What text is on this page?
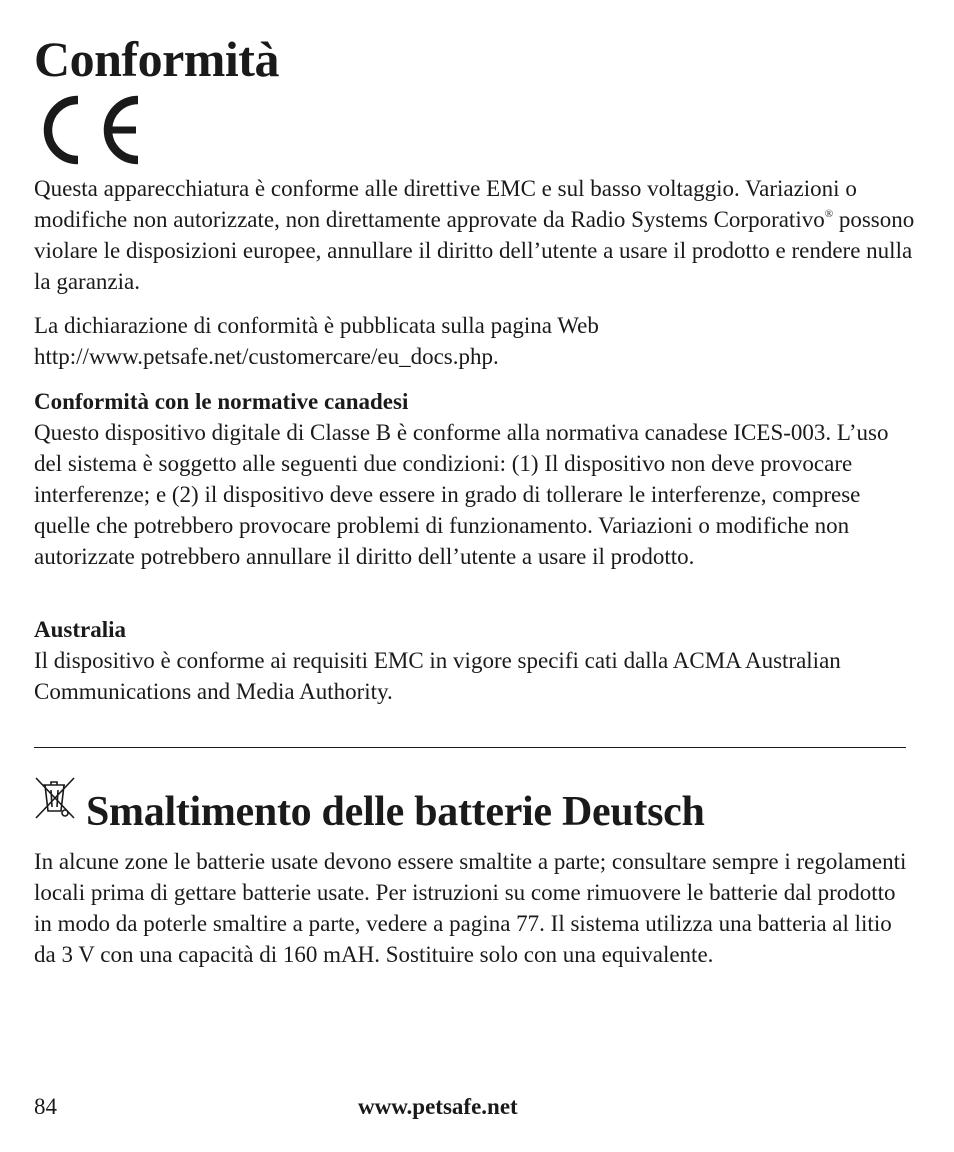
Conformità

Questa apparecchiatura è conforme alle direttive EMC e sul basso voltaggio. Variazioni o modifiche non autorizzate, non direttamente approvate da Radio Systems Corporativo® possono violare le disposizioni europee, annullare il diritto dell’utente a usare il prodotto e rendere nulla la garanzia.

La dichiarazione di conformità è pubblicata sulla pagina Web http://www.petsafe.net/customercare/eu_docs.php.

Conformità con le normative canadesi

Questo dispositivo digitale di Classe B è conforme alla normativa canadese ICES-003. L’uso del sistema è soggetto alle seguenti due condizioni: (1) Il dispositivo non deve provocare interferenze; e (2) il dispositivo deve essere in grado di tollerare le interferenze, comprese quelle che potrebbero provocare problemi di funzionamento. Variazioni o modifiche non autorizzate potrebbero annullare il diritto dell’utente a usare il prodotto.

Australia

Il dispositivo è conforme ai requisiti EMC in vigore specifi cati dalla ACMA Australian Communications and Media Authority.

Smaltimento delle batterie Deutsch

In alcune zone le batterie usate devono essere smaltite a parte; consultare sempre i regolamenti locali prima di gettare batterie usate. Per istruzioni su come rimuovere le batterie dal prodotto in modo da poterle smaltire a parte, vedere a pagina 77. Il sistema utilizza una batteria al litio da 3 V con una capacità di 160 mAH. Sostituire solo con una equivalente.

84	www.petsafe.net
